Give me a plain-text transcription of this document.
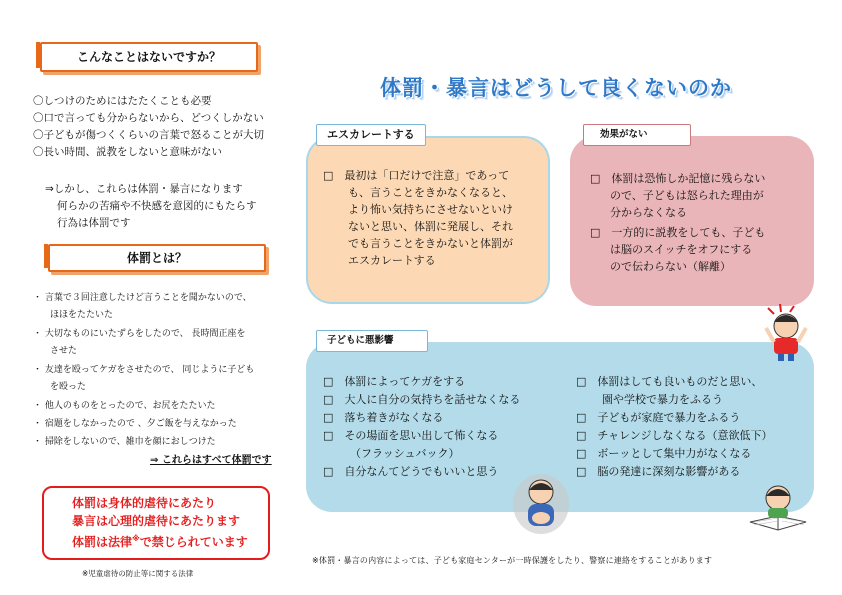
こんなことはないですか？
〇しつけのためにはたたくことも必要
〇口で言っても分からないから、どつくしかない
〇子どもが傷つくくらいの言葉で怒ることが大切
〇長い時間、説教をしないと意味がない
⇒しかし、これらは体罰・暴言になります
何らかの苦痛や不快感を意図的にもたらす
行為は体罰です
体罰とは？
・ 言葉で３回注意したけど言うことを聞かないので、
ほほをたたいた
・ 大切なものにいたずらをしたので、 長時間正座を
させた
・ 友達を殴ってケガをさせたので、 同じように子ども
を殴った
・ 他人のものをとったので、お尻をたたいた
・ 宿題をしなかったので 、夕ご飯を与えなかった
・ 掃除をしないので、雑巾を顔におしつけた
⇒ これらはすべて体罰です
体罰は身体的虐待にあたり
暴言は心理的虐待にあたります
体罰は法律※で禁じられています
※児童虐待の防止等に関する法律
体罰・暴言はどうして良くないのか
エスカレートする
□　最初は「口だけで注意」であって
も、言うことをきかなくなると、
より怖い気持ちにさせないといけ
ないと思い、体罰に発展し、それ
でも言うことをきかないと体罰が
エスカレートする
効果がない
□　体罰は恐怖しか記憶に残らない
ので、子どもは怒られた理由が
分からなくなる
□　一方的に説教をしても、子ども
は脳のスイッチをオフにする
ので伝わらない（解離）
子どもに悪影響
□　体罰によってケガをする
□　大人に自分の気持ちを話せなくなる
□　落ち着きがなくなる
□　その場面を思い出して怖くなる
（フラッシュバック）
□　自分なんてどうでもいいと思う
□　体罰はしても良いものだと思い、
園や学校で暴力をふるう
□　子どもが家庭で暴力をふるう
□　チャレンジしなくなる（意欲低下）
□　ボーッとして集中力がなくなる
□　脳の発達に深刻な影響がある
※体罰・暴言の内容によっては、子ども家庭センターが一時保護をしたり、警察に連絡をすることがあります
